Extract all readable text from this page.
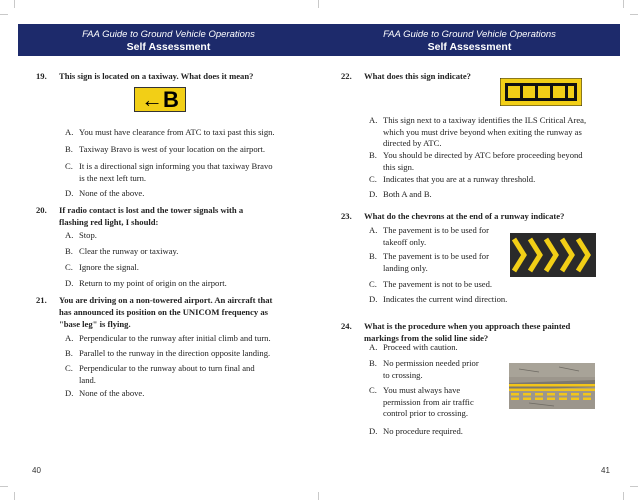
FAA Guide to Ground Vehicle Operations
Self Assessment
19. This sign is located on a taxiway. What does it mean?
←B
A. You must have clearance from ATC to taxi past this sign.
B. Taxiway Bravo is west of your location on the airport.
C. It is a directional sign informing you that taxiway Bravo
is the next left turn.
D. None of the above.
20. If radio contact is lost and the tower signals with a
flashing red light, I should:
A. Stop.
B. Clear the runway or taxiway.
C. Ignore the signal.
D. Return to my point of origin on the airport.
21. You are driving on a non-towered airport. An aircraft that
has announced its position on the UNICOM frequency as
"base leg" is flying.
A. Perpendicular to the runway after initial climb and turn.
B. Parallel to the runway in the direction opposite landing.
C. Perpendicular to the runway about to turn final and
land.
D. None of the above.
40
FAA Guide to Ground Vehicle Operations
Self Assessment
41
22. What does this sign indicate?
A. This sign next to a taxiway identifies the ILS Critical Area,
which you must drive beyond when exiting the runway as
directed by ATC.
B. You should be directed by ATC before proceeding beyond
this sign.
C. Indicates that you are at a runway threshold.
D. Both A and B.
23. What do the chevrons at the end of a runway indicate?
A. The pavement is to be used for
takeoff only.
B. The pavement is to be used for
landing only.
C. The pavement is not to be used.
D. Indicates the current wind direction.
24. What is the procedure when you approach these painted
markings from the solid line side?
A. Proceed with caution.
B. No permission needed prior
to crossing.
C. You must always have
permission from air traffic
control prior to crossing.
D. No procedure required.
